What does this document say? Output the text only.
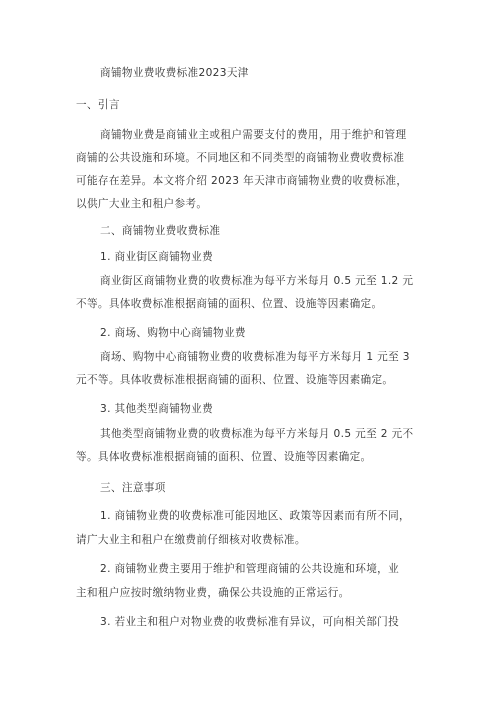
商铺物业费收费标准2023天津
一、引言
商铺物业费是商铺业主或租户需要支付的费用，用于维护和管理
商铺的公共设施和环境。不同地区和不同类型的商铺物业费收费标准
可能存在差异。本文将介绍 2023 年天津市商铺物业费的收费标准，
以供广大业主和租户参考。
二、商铺物业费收费标准
1. 商业街区商铺物业费
商业街区商铺物业费的收费标准为每平方米每月 0.5 元至 1.2 元
不等。具体收费标准根据商铺的面积、位置、设施等因素确定。
2. 商场、购物中心商铺物业费
商场、购物中心商铺物业费的收费标准为每平方米每月 1 元至 3
元不等。具体收费标准根据商铺的面积、位置、设施等因素确定。
3. 其他类型商铺物业费
其他类型商铺物业费的收费标准为每平方米每月 0.5 元至 2 元不
等。具体收费标准根据商铺的面积、位置、设施等因素确定。
三、注意事项
1. 商铺物业费的收费标准可能因地区、政策等因素而有所不同，
请广大业主和租户在缴费前仔细核对收费标准。
2. 商铺物业费主要用于维护和管理商铺的公共设施和环境，业
主和租户应按时缴纳物业费，确保公共设施的正常运行。
3. 若业主和租户对物业费的收费标准有异议，可向相关部门投
